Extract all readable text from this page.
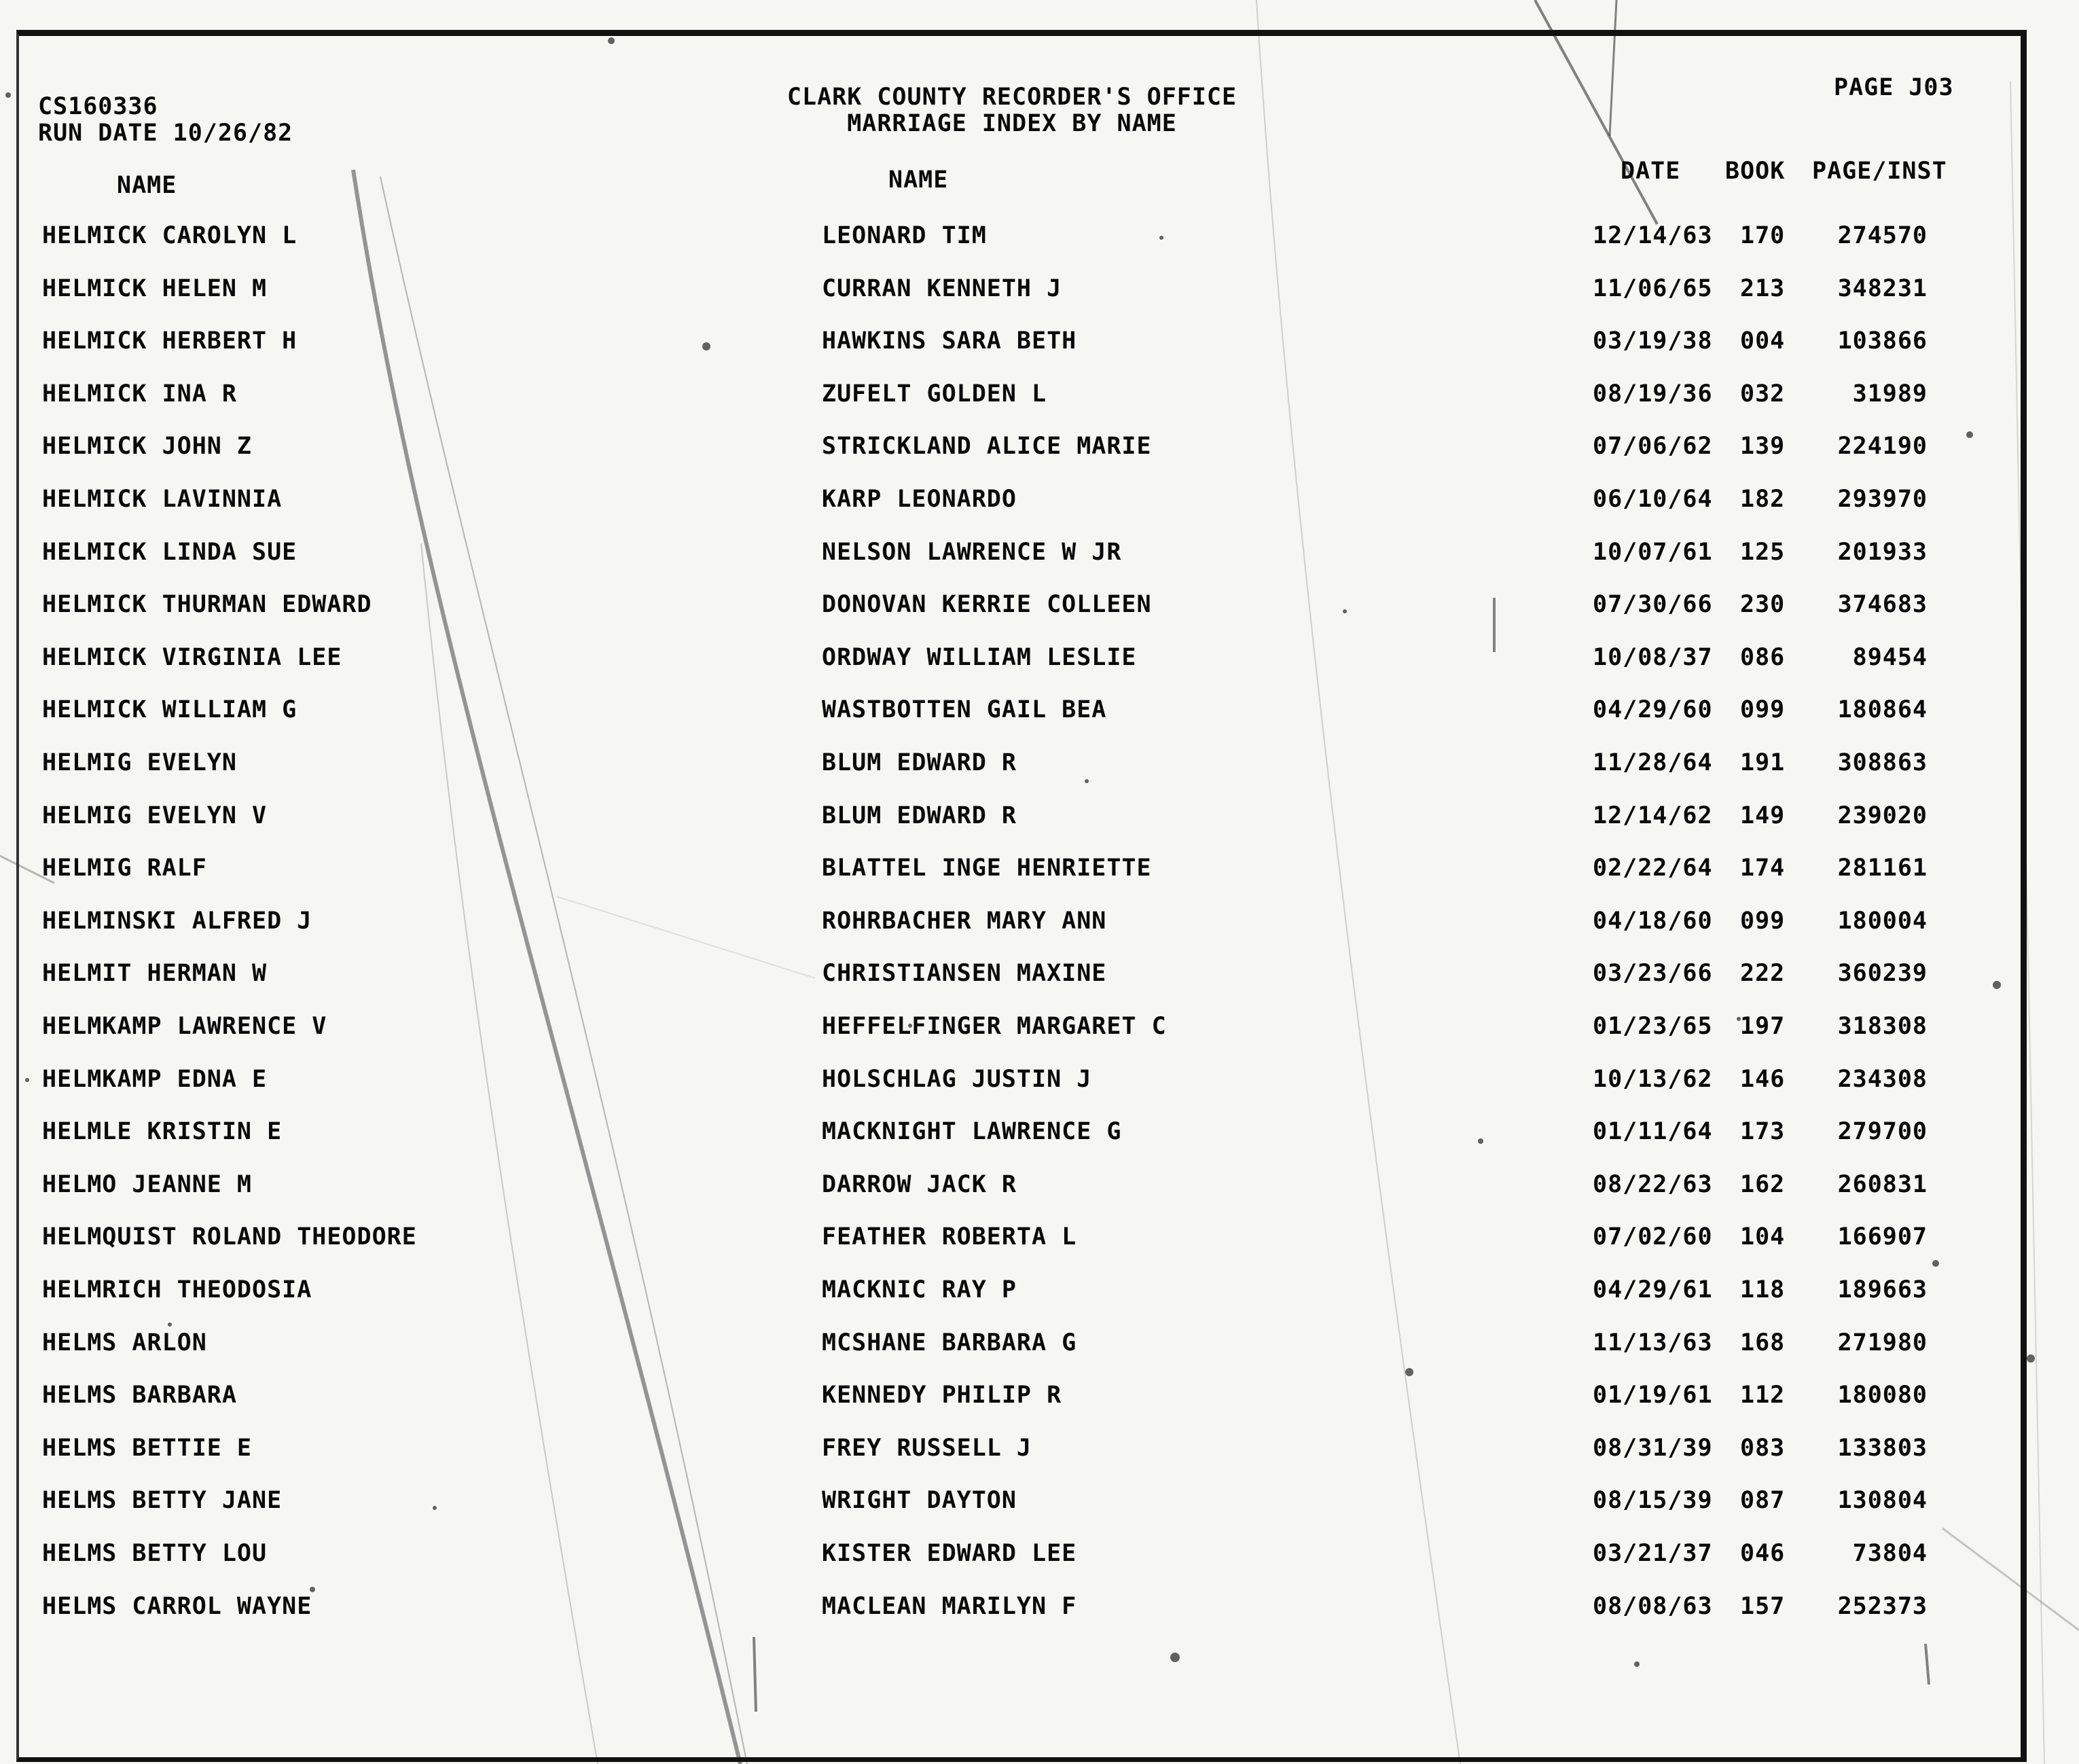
CS160336
RUN DATE 10/26/82
CLARK COUNTY RECORDER'S OFFICE
MARRIAGE INDEX BY NAME
PAGE J03
NAME	NAME	DATE BOOK PAGE/INST
HELMICK CAROLYN L	LEONARD TIM	12/14/63 170 274570
HELMICK HELEN M	CURRAN KENNETH J	11/06/65 213 348231
HELMICK HERBERT H	HAWKINS SARA BETH	03/19/38 004 103866
HELMICK INA R	ZUFELT GOLDEN L	08/19/36 032	31989
HELMICK JOHN Z	STRICKLAND ALICE MARIE	07/06/62 139 224190
HELMICK LAVINNIA	KARP LEONARDO	06/10/64 182 293970
HELMICK LINDA SUE	NELSON LAWRENCE W JR	10/07/61 125 201933
HELMICK THURMAN EDWARD	DONOVAN KERRIE COLLEEN	07/30/66 230 374683
HELMICK VIRGINIA LEE	ORDWAY WILLIAM LESLIE	10/08/37 086	89454
HELMICK WILLIAM G	WASTBOTTEN GAIL BEA	04/29/60 099 180864
HELMIG EVELYN	BLUM EDWARD R	11/28/64 191 308863
HELMIG EVELYN V	BLUM EDWARD R	12/14/62 149 239020
HELMIG RALF	BLATTEL INGE HENRIETTE	02/22/64 174 281161
HELMINSKI ALFRED J	ROHRBACHER MARY ANN	04/18/60 099 180004
HELMIT HERMAN W	CHRISTIANSEN MAXINE	03/23/66 222 360239
HELMKAMP LAWRENCE V	HEFFELFINGER MARGARET C	01/23/65 197 318308
HELMKAMP EDNA E	HOLSCHLAG JUSTIN J	10/13/62 146 234308
HELMLE KRISTIN E	MACKNIGHT LAWRENCE G	01/11/64 173 279700
HELMO JEANNE M	DARROW JACK R	08/22/63 162 260831
HELMQUIST ROLAND THEODORE	FEATHER ROBERTA L	07/02/60 104 166907
HELMRICH THEODOSIA	MACKNIC RAY P	04/29/61 118 189663
HELMS ARLON	MCSHANE BARBARA G	11/13/63 168 271980
HELMS BARBARA	KENNEDY PHILIP R	01/19/61 112 180080
HELMS BETTIE E	FREY RUSSELL J	08/31/39 083 133803
HELMS BETTY JANE	WRIGHT DAYTON	08/15/39 087 130804
HELMS BETTY LOU	KISTER EDWARD LEE	03/21/37 046	73804
HELMS CARROL WAYNE	MACLEAN MARILYN F	08/08/63 157 252373
